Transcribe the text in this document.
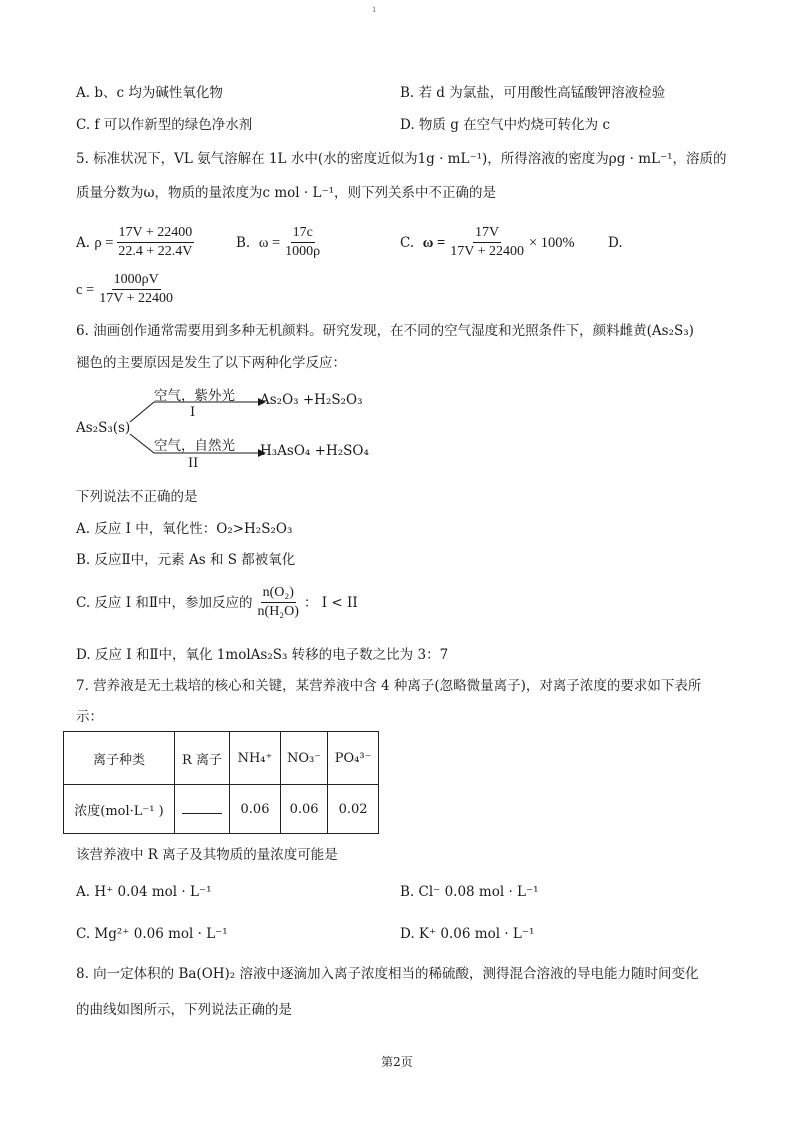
1
A. b、c 均为碱性氧化物	B. 若 d 为氯盐，可用酸性高锰酸钾溶液检验
C. f 可以作新型的绿色净水剂	D. 物质 g 在空气中灼烧可转化为 c
5. 标准状况下，VL 氨气溶解在 1L 水中(水的密度近似为1g · mL⁻¹)，所得溶液的密度为ρg · mL⁻¹，溶质的
质量分数为ω，物质的量浓度为c mol · L⁻¹，则下列关系中不正确的是
A.
$\rho = \frac{17V + 22400}{22.4 + 22.4V}$	B.
$\omega = \frac{17c}{1000\rho}$	C.
$\omega = \frac{17V}{17V + 22400} \times 100\%$ D.
$c = \frac{1000\rho V}{17V + 22400}$
6. 油画创作通常需要用到多种无机颜料。研究发现，在不同的空气湿度和光照条件下，颜料雌黄(As₂S₃)
褪色的主要原因是发生了以下两种化学反应：
As₂S₃(s)
空气，紫外光
I
As₂O₃ +H₂S₂O₃
空气，自然光
II
H₃AsO₄ +H₂SO₄
下列说法不正确的是
A. 反应 I 中，氧化性：O₂>H₂S₂O₃
B. 反应Ⅱ中，元素 As 和 S 都被氧化
C. 反应 I 和Ⅱ中，参加反应的 $\frac{\text{n(O₂)}}{\text{n(H₂O)}}$ ： I < II
D. 反应 I 和Ⅱ中，氧化 1molAs₂S₃ 转移的电子数之比为 3：7
7. 营养液是无土栽培的核心和关键，某营养液中含 4 种离子(忽略微量离子)，对离子浓度的要求如下表所
示：
离子种类	R 离子	NH₄⁺	NO₃⁻	PO₄³⁻
浓度(mol·L⁻¹ )		0.06	0.06	0.02
该营养液中 R 离子及其物质的量浓度可能是
A. H⁺ 0.04 mol · L⁻¹	B. Cl⁻ 0.08 mol · L⁻¹
C. Mg²⁺ 0.06 mol · L⁻¹	D. K⁺ 0.06 mol · L⁻¹
8. 向一定体积的 Ba(OH)₂ 溶液中逐滴加入离子浓度相当的稀硫酸，测得混合溶液的导电能力随时间变化
的曲线如图所示，下列说法正确的是
第2页
